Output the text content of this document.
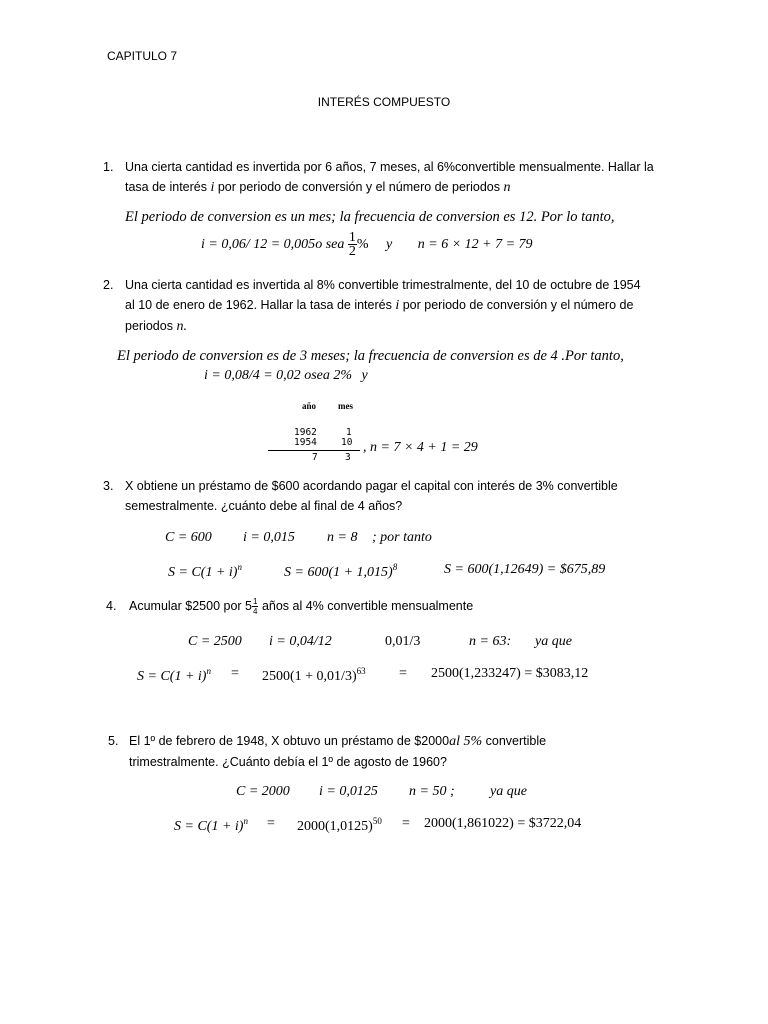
CAPITULO 7
INTERÉS COMPUESTO
1. Una cierta cantidad es invertida por 6 años, 7 meses, al 6%convertible mensualmente. Hallar la
tasa de interés i por periodo de conversión y el número de periodos n
El periodo de conversion es un mes; la frecuencia de conversion es 12. Por lo tanto,
i = 0,06/ 12 = 0,005o sea $\frac{1}{2}$ % y n = 6 × 12 + 7 = 79
2. Una cierta cantidad es invertida al 8% convertible trimestralmente, del 10 de octubre de 1954
al 10 de enero de 1962. Hallar la tasa de interés i por periodo de conversión y el número de
periodos n.
El periodo de conversion es de 3 meses; la frecuencia de conversion es de 4 .Por tanto,
i = 0,08/4 = 0,02 osea 2% y
año mes
1962	1
1954	10
7	3
, n = 7 × 4 + 1 = 29
3. X obtiene un préstamo de $600 acordando pagar el capital con interés de 3% convertible
semestralmente. ¿cuánto debe al final de 4 años?
C = 600 i = 0,015 n = 8 ; por tanto
$S = C(1 + i)^n$	$S = 600(1 + 1,015)^8$	S = 600(1,12649) = $675,89
4. Acumular $2500 por $5 \frac{1}{4}$ años al 4% convertible mensualmente
C = 2500 i = 0,04/12	0,01/3	n = 63: ya que
$S = C(1 + i)^n = 2500(1 + 0,01/3)^{63} = 2500(1,233247)$ = $3083,12
5. El 1º de febrero de 1948, X obtuvo un préstamo de $2000al 5% convertible
trimestralmente. ¿Cuánto debía el 1º de agosto de 1960?
C = 2000 i = 0,0125 n = 50 ;	ya que
$S = C(1 + i)^n = 2000(1,0125)^{50} = 2000(1,861022)$ = $3722,04
